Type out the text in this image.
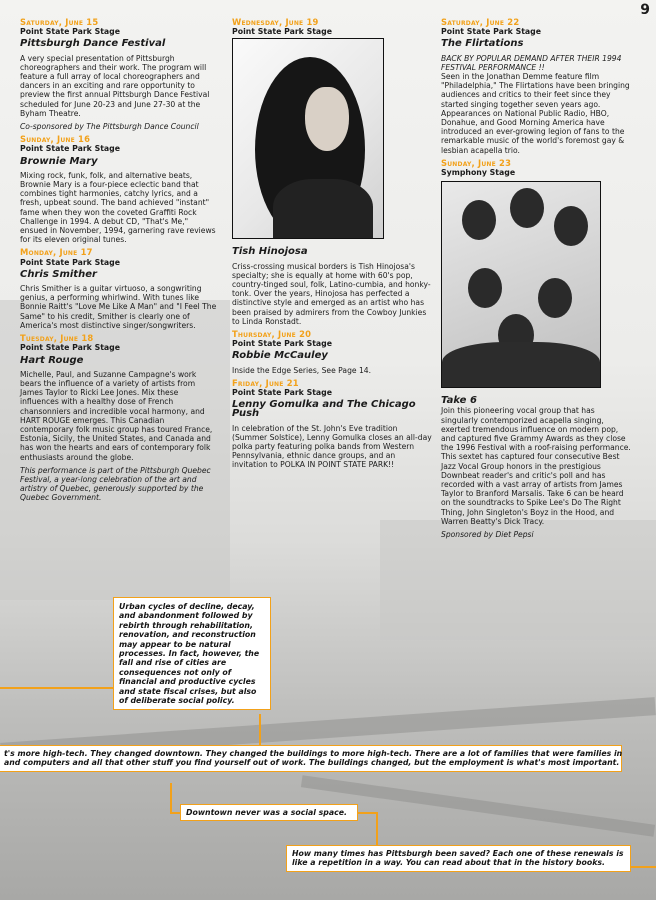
9
Saturday, June 15
Point State Park Stage
Pittsburgh Dance Festival

A very special presentation of Pittsburgh choreographers and their work. The program will feature a full array of local choreographers and dancers in an exciting and rare opportunity to preview the first annual Pittsburgh Dance Festival scheduled for June 20-23 and June 27-30 at the Byham Theatre.

Co-sponsored by The Pittsburgh Dance Council

Sunday, June 16
Point State Park Stage
Brownie Mary

Mixing rock, funk, folk, and alternative beats, Brownie Mary is a four-piece eclectic band that combines tight harmonies, catchy lyrics, and a fresh, upbeat sound. The band achieved "instant" fame when they won the coveted Graffiti Rock Challenge in 1994. A debut CD, "That's Me," ensued in November, 1994, garnering rave reviews for its eleven original tunes.

Monday, June 17
Point State Park Stage
Chris Smither

Chris Smither is a guitar virtuoso, a songwriting genius, a performing whirlwind. With tunes like Bonnie Raitt's "Love Me Like A Man" and "I Feel The Same" to his credit, Smither is clearly one of America's most distinctive singer/songwriters.

Tuesday, June 18
Point State Park Stage
Hart Rouge

Michelle, Paul, and Suzanne Campagne's work bears the influence of a variety of artists from James Taylor to Ricki Lee Jones. Mix these influences with a healthy dose of French chansonniers and incredible vocal harmony, and HART ROUGE emerges. This Canadian contemporary folk music group has toured France, Estonia, Sicily, the United States, and Canada and has won the hearts and ears of contemporary folk enthusiasts around the globe.

This performance is part of the Pittsburgh Quebec Festival, a year-long celebration of the art and artistry of Quebec, generously supported by the Quebec Government.

Wednesday, June 19
Point State Park Stage
Tish Hinojosa

Criss-crossing musical borders is Tish Hinojosa's specialty; she is equally at home with 60's pop, country-tinged soul, folk, Latino-cumbia, and honky-tonk. Over the years, Hinojosa has perfected a distinctive style and emerged as an artist who has been praised by admirers from the Cowboy Junkies to Linda Ronstadt.

Thursday, June 20
Point State Park Stage
Robbie McCauley

Inside the Edge Series, See Page 14.

Friday, June 21
Point State Park Stage
Lenny Gomulka and The Chicago Push

In celebration of the St. John's Eve tradition (Summer Solstice), Lenny Gomulka closes an all-day polka party featuring polka bands from Western Pennsylvania, ethnic dance groups, and an invitation to POLKA IN POINT STATE PARK!!

Saturday, June 22
Point State Park Stage
The Flirtations

BACK BY POPULAR DEMAND AFTER THEIR 1994 FESTIVAL PERFORMANCE !!

Seen in the Jonathan Demme feature film "Philadelphia," The Flirtations have been bringing audiences and critics to their feet since they started singing together seven years ago. Appearances on National Public Radio, HBO, Donahue, and Good Morning America have introduced an ever-growing legion of fans to the remarkable music of the world's foremost gay & lesbian acapella trio.

Sunday, June 23
Symphony Stage
Take 6

Join this pioneering vocal group that has singularly contemporized acapella singing, exerted tremendous influence on modern pop, and captured five Grammy Awards as they close the 1996 Festival with a roof-raising performance. This sextet has captured four consecutive Best Jazz Vocal Group honors in the prestigious Downbeat reader's and critic's poll and has recorded with a vast array of artists from James Taylor to Branford Marsalis. Take 6 can be heard on the soundtracks to Spike Lee's Do The Right Thing, John Singleton's Boyz in the Hood, and Warren Beatty's Dick Tracy.

Sponsored by Diet Pepsi

Urban cycles of decline, decay, and abandonment followed by rebirth through rehabilitation, renovation, and reconstruction may appear to be natural processes. In fact, however, the fall and rise of cities are consequences not only of financial and productive cycles and state fiscal crises, but also of deliberate social policy.
t's more high-tech. They changed downtown. They changed the buildings to more high-tech. There are a lot of families that were families in
and computers and all that other stuff you find yourself out of work. The buildings changed, but the employment is what's most important.
Downtown never was a social space.
How many times has Pittsburgh been saved? Each one of these renewals is like a repetition in a way. You can read about that in the history books.
